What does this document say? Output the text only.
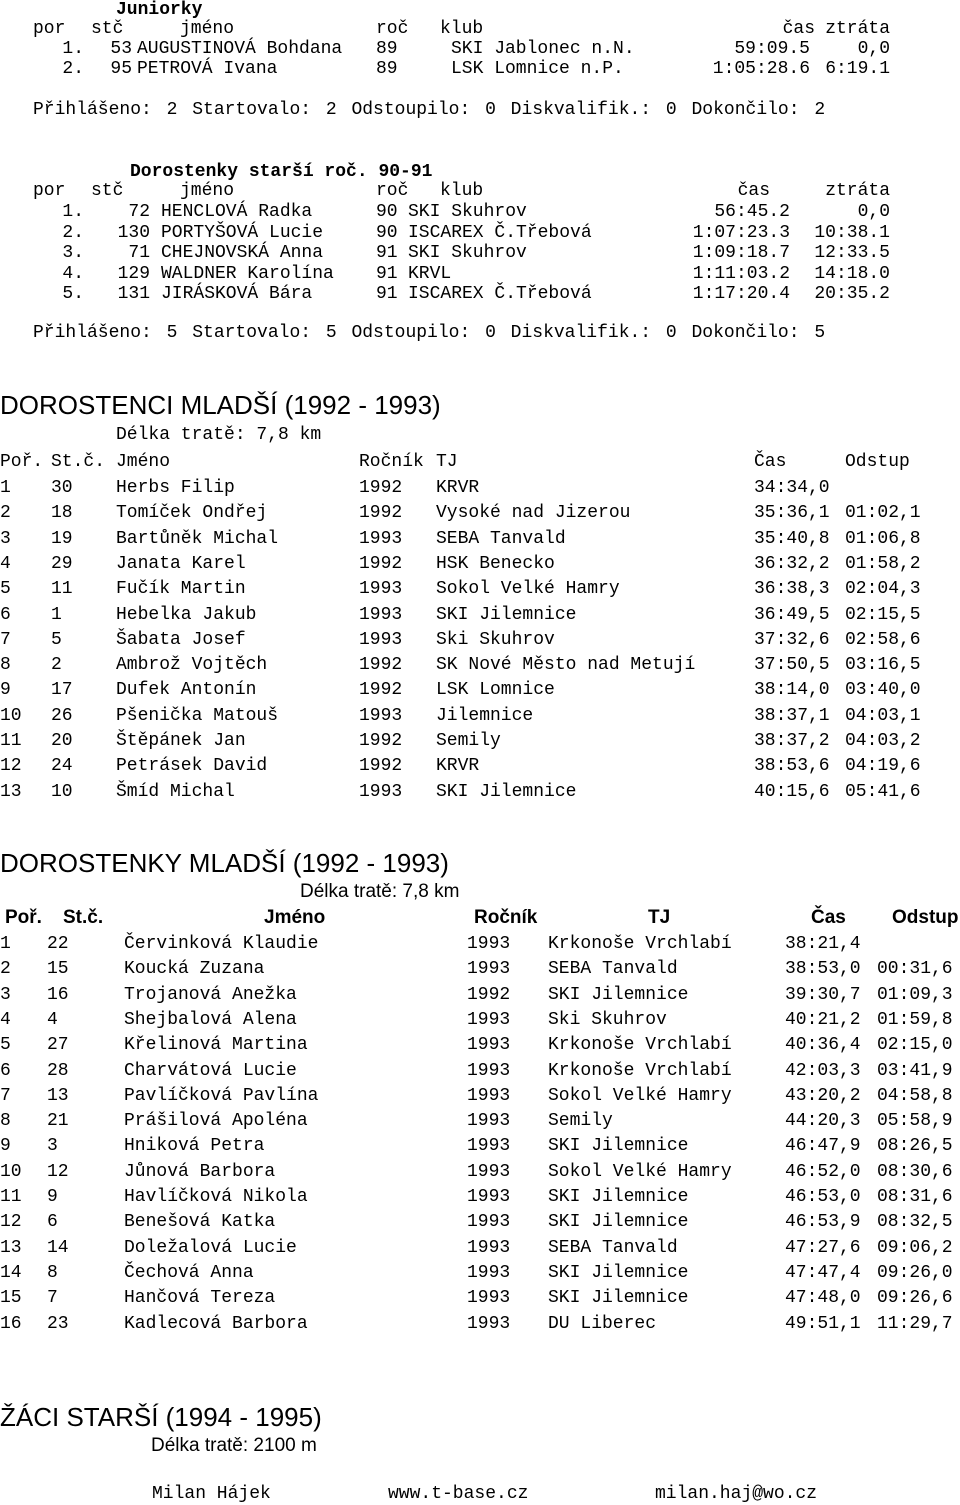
Juniorky
por stč	jméno	roč klub	čas ztráta
1.	53 AUGUSTINOVÁ Bohdana 89	SKI Jablonec n.N.	59:09.5	0,0
2.	95 PETROVÁ Ivana	89	LSK Lomnice n.P.	1:05:28.6 6:19.1
Přihlášeno: 2 Startovalo: 2 Odstoupilo: 0 Diskvalifik.: 0 Dokončilo: 2
Dorostenky starší roč. 90-91
por stč	jméno	roč klub	čas	ztráta
1.	72 HENCLOVÁ Radka	90 SKI Skuhrov	56:45.2	0,0
2.	130 PORTYŠOVÁ Lucie	90 ISCAREX Č.Třebová	1:07:23.3	10:38.1
3.	71 CHEJNOVSKÁ Anna	91 SKI Skuhrov	1:09:18.7	12:33.5
4.	129 WALDNER Karolína 91 KRVL	1:11:03.2	14:18.0
5.	131 JIRÁSKOVÁ Bára	91 ISCAREX Č.Třebová	1:17:20.4	20:35.2
Přihlášeno: 5 Startovalo: 5 Odstoupilo: 0 Diskvalifik.: 0 Dokončilo: 5
DOROSTENCI MLADŠÍ (1992 - 1993)
Délka tratě: 7,8 km
Poř. St.č. Jméno	Ročník TJ	Čas	Odstup
1 30 Herbs Filip	1992 KRVR	34:34,0
2 18 Tomíček Ondřej	1992 Vysoké nad Jizerou	35:36,1 01:02,1
3 19 Bartůněk Michal	1993 SEBA Tanvald	35:40,8 01:06,8
4 29 Janata Karel	1992 HSK Benecko	36:32,2 01:58,2
5 11 Fučík Martin	1993 Sokol Velké Hamry	36:38,3 02:04,3
6 1	Hebelka Jakub	1993 SKI Jilemnice	36:49,5 02:15,5
7 5	Šabata Josef	1993 Ski Skuhrov	37:32,6 02:58,6
8 2	Ambrož Vojtěch	1992 SK Nové Město nad Metují	37:50,5 03:16,5
9 17 Dufek Antonín	1992 LSK Lomnice	38:14,0 03:40,0
10 26 Pšenička Matouš	1993 Jilemnice	38:37,1 04:03,1
11 20 Štěpánek Jan	1992 Semily	38:37,2 04:03,2
12 24 Petrásek David	1992 KRVR	38:53,6 04:19,6
13 10 Šmíd Michal	1993 SKI Jilemnice	40:15,6 05:41,6
DOROSTENKY MLADŠÍ (1992 - 1993)
Délka tratě: 7,8 km
Poř. St.č.	Jméno	Ročník	TJ	Čas Odstup
1 22	Červinková Klaudie	1993 Krkonoše Vrchlabí	38:21,4
2 15	Koucká Zuzana	1993 SEBA Tanvald	38:53,0 00:31,6
3 16	Trojanová Anežka	1992 SKI Jilemnice	39:30,7 01:09,3
4 4	Shejbalová Alena	1993 Ski Skuhrov	40:21,2 01:59,8
5 27	Křelinová Martina	1993 Krkonoše Vrchlabí	40:36,4 02:15,0
6 28	Charvátová Lucie	1993 Krkonoše Vrchlabí	42:03,3 03:41,9
7 13	Pavlíčková Pavlína	1993 Sokol Velké Hamry	43:20,2 04:58,8
8 21	Prášilová Apoléna	1993 Semily	44:20,3 05:58,9
9 3	Hniková Petra	1993 SKI Jilemnice	46:47,9 08:26,5
10 12	Jůnová Barbora	1993 Sokol Velké Hamry	46:52,0 08:30,6
11 9	Havlíčková Nikola	1993 SKI Jilemnice	46:53,0 08:31,6
12 6	Benešová Katka	1993 SKI Jilemnice	46:53,9 08:32,5
13 14	Doležalová Lucie	1993 SEBA Tanvald	47:27,6 09:06,2
14 8	Čechová Anna	1993 SKI Jilemnice	47:47,4 09:26,0
15 7	Hančová Tereza	1993 SKI Jilemnice	47:48,0 09:26,6
16 23	Kadlecová Barbora	1993 DU Liberec	49:51,1 11:29,7
ŽÁCI STARŠÍ (1994 - 1995)
Délka tratě: 2100 m
Milan Hájek	www.t-base.cz	milan.haj@wo.cz
